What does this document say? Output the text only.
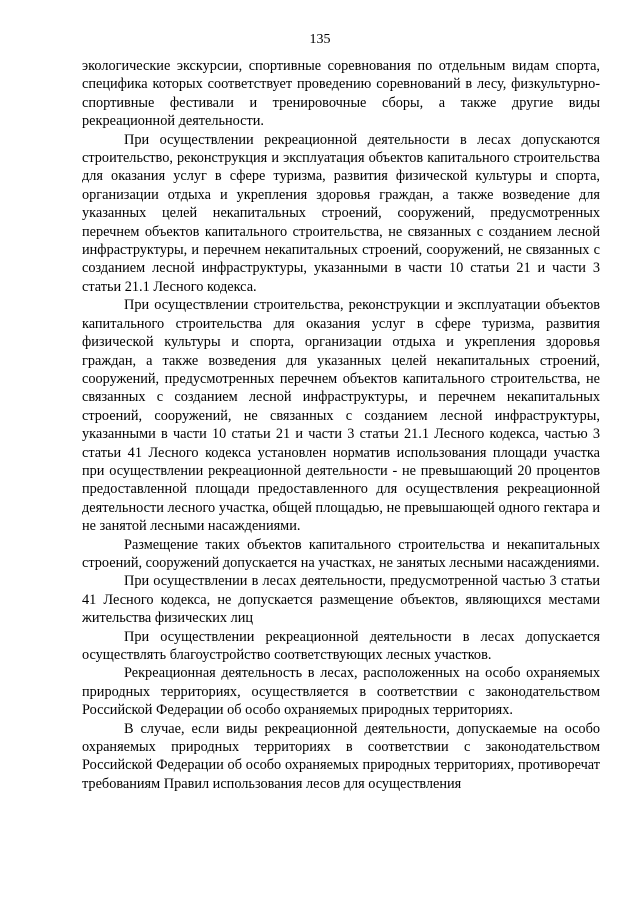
135

экологические экскурсии, спортивные соревнования по отдельным видам спорта, специфика которых соответствует проведению соревнований в лесу, физкультурно-спортивные фестивали и тренировочные сборы, а также другие виды рекреационной деятельности.

При осуществлении рекреационной деятельности в лесах допускаются строительство, реконструкция и эксплуатация объектов капитального строительства для оказания услуг в сфере туризма, развития физической культуры и спорта, организации отдыха и укрепления здоровья граждан, а также возведение для указанных целей некапитальных строений, сооружений, предусмотренных перечнем объектов капитального строительства, не связанных с созданием лесной инфраструктуры, и перечнем некапитальных строений, сооружений, не связанных с созданием лесной инфраструктуры, указанными в части 10 статьи 21 и части 3 статьи 21.1 Лесного кодекса.

При осуществлении строительства, реконструкции и эксплуатации объектов капитального строительства для оказания услуг в сфере туризма, развития физической культуры и спорта, организации отдыха и укрепления здоровья граждан, а также возведения для указанных целей некапитальных строений, сооружений, предусмотренных перечнем объектов капитального строительства, не связанных с созданием лесной инфраструктуры, и перечнем некапитальных строений, сооружений, не связанных с созданием лесной инфраструктуры, указанными в части 10 статьи 21 и части 3 статьи 21.1 Лесного кодекса, частью 3 статьи 41 Лесного кодекса установлен норматив использования площади участка при осуществлении рекреационной деятельности - не превышающий 20 процентов предоставленной площади предоставленного для осуществления рекреационной деятельности лесного участка, общей площадью, не превышающей одного гектара и не занятой лесными насаждениями.

Размещение таких объектов капитального строительства и некапитальных строений, сооружений допускается на участках, не занятых лесными насаждениями.

При осуществлении в лесах деятельности, предусмотренной частью 3 статьи 41 Лесного кодекса, не допускается размещение объектов, являющихся местами жительства физических лиц

При осуществлении рекреационной деятельности в лесах допускается осуществлять благоустройство соответствующих лесных участков.

Рекреационная деятельность в лесах, расположенных на особо охраняемых природных территориях, осуществляется в соответствии с законодательством Российской Федерации об особо охраняемых природных территориях.

В случае, если виды рекреационной деятельности, допускаемые на особо охраняемых природных территориях в соответствии с законодательством Российской Федерации об особо охраняемых природных территориях, противоречат требованиям Правил использования лесов для осуществления
